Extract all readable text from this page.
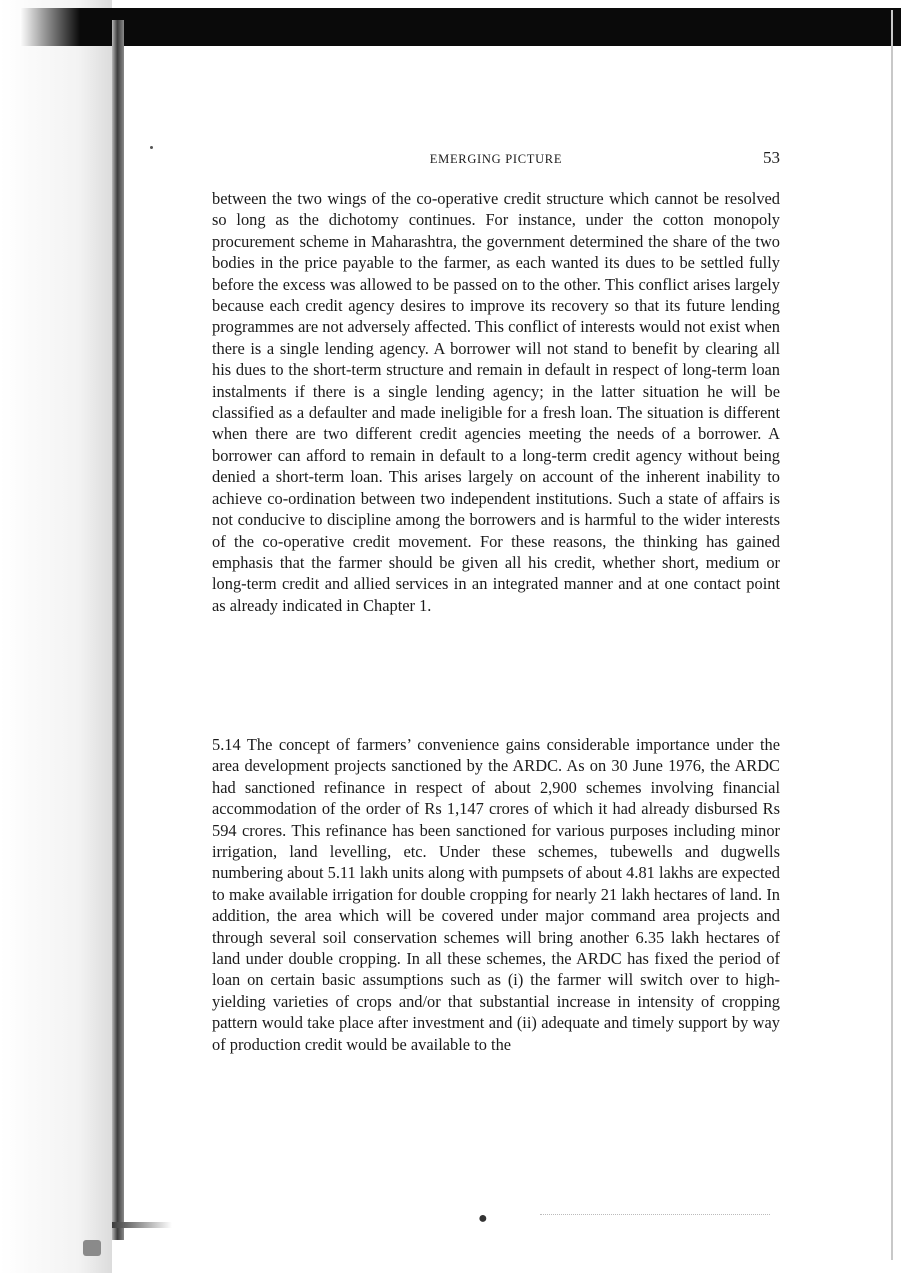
EMERGING PICTURE	53

between the two wings of the co-operative credit structure which cannot be resolved so long as the dichotomy continues. For instance, under the cotton monopoly procurement scheme in Maharashtra, the government determined the share of the two bodies in the price payable to the farmer, as each wanted its dues to be settled fully before the excess was allowed to be passed on to the other. This conflict arises largely because each credit agency desires to improve its recovery so that its future lending programmes are not adversely affected. This conflict of interests would not exist when there is a single lending agency. A borrower will not stand to benefit by clearing all his dues to the short-term structure and remain in default in respect of long-term loan instalments if there is a single lending agency; in the latter situation he will be classified as a defaulter and made ineligible for a fresh loan. The situation is different when there are two different credit agencies meeting the needs of a borrower. A borrower can afford to remain in default to a long-term credit agency without being denied a short-term loan. This arises largely on account of the inherent inability to achieve co-ordination between two independent institutions. Such a state of affairs is not conducive to discipline among the borrowers and is harmful to the wider interests of the co-operative credit movement. For these reasons, the thinking has gained emphasis that the farmer should be given all his credit, whether short, medium or long-term credit and allied services in an integrated manner and at one contact point as already indicated in Chapter 1.

5.14 The concept of farmers’ convenience gains considerable importance under the area development projects sanctioned by the ARDC. As on 30 June 1976, the ARDC had sanctioned refinance in respect of about 2,900 schemes involving financial accommodation of the order of Rs 1,147 crores of which it had already disbursed Rs 594 crores. This refinance has been sanctioned for various purposes including minor irrigation, land levelling, etc. Under these schemes, tubewells and dugwells numbering about 5.11 lakh units along with pumpsets of about 4.81 lakhs are expected to make available irrigation for double cropping for nearly 21 lakh hectares of land. In addition, the area which will be covered under major command area projects and through several soil conservation schemes will bring another 6.35 lakh hectares of land under double cropping. In all these schemes, the ARDC has fixed the period of loan on certain basic assumptions such as (i) the farmer will switch over to high-yielding varieties of crops and/or that substantial increase in intensity of cropping pattern would take place after investment and (ii) adequate and timely support by way of production credit would be available to the

●
